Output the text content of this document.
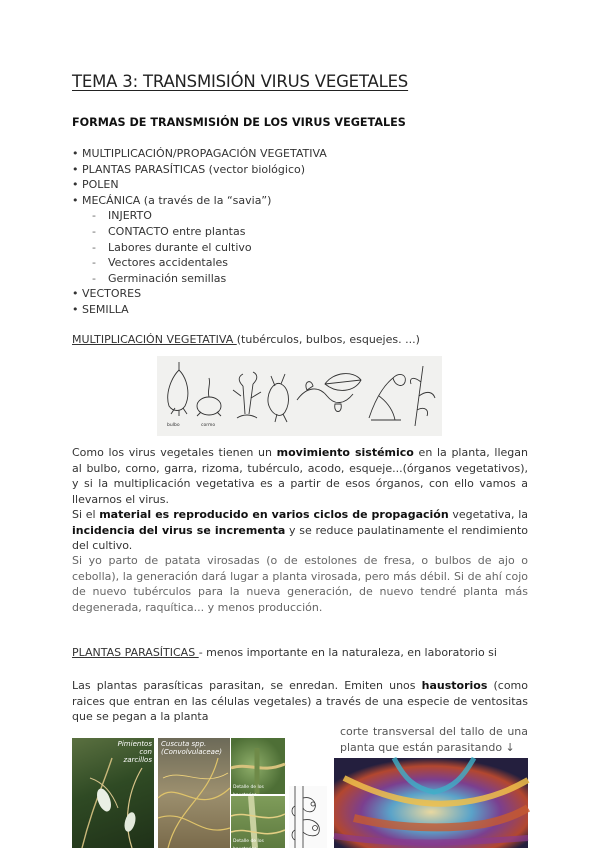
TEMA 3: TRANSMISIÓN VIRUS VEGETALES
FORMAS DE TRANSMISIÓN DE LOS VIRUS VEGETALES
• MULTIPLICACIÓN/PROPAGACIÓN VEGETATIVA
• PLANTAS PARASÍTICAS (vector biológico)
• POLEN
• MECÁNICA (a través de la “savia”)
- INJERTO
- CONTACTO entre plantas
- Labores durante el cultivo
- Vectores accidentales
- Germinación semillas
• VECTORES
• SEMILLA
MULTIPLICACIÓN VEGETATIVA (tubérculos, bulbos, esquejes. ...)
bulbo	cormo

Como los virus vegetales tienen un movimiento sistémico en la planta, llegan al bulbo, corno, garra, rizoma, tubérculo, acodo, esqueje...(órganos vegetativos), y si la multiplicación vegetativa es a partir de esos órganos, con ello vamos a llevarnos el virus.

Si el material es reproducido en varios ciclos de propagación vegetativa, la incidencia del virus se incrementa y se reduce paulatinamente el rendimiento del cultivo.

Si yo parto de patata virosadas (o de estolones de fresa, o bulbos de ajo o cebolla), la generación dará lugar a planta virosada, pero más débil. Si de ahí cojo de nuevo tubérculos para la nueva generación, de nuevo tendré planta más degenerada, raquítica... y menos producción.

PLANTAS PARASÍTICAS - menos importante en la naturaleza, en laboratorio si

Las plantas parasíticas parasitan, se enredan. Emiten unos haustorios (como raices que entran en las células vegetales) a través de una especie de ventositas que se pegan a la planta

corte transversal del tallo de una planta que están parasitando ↓
Pimientos con zarcillos
Cuscuta spp.
(Convolvulaceae)
Detalle de los
Detalle de los haustorios
